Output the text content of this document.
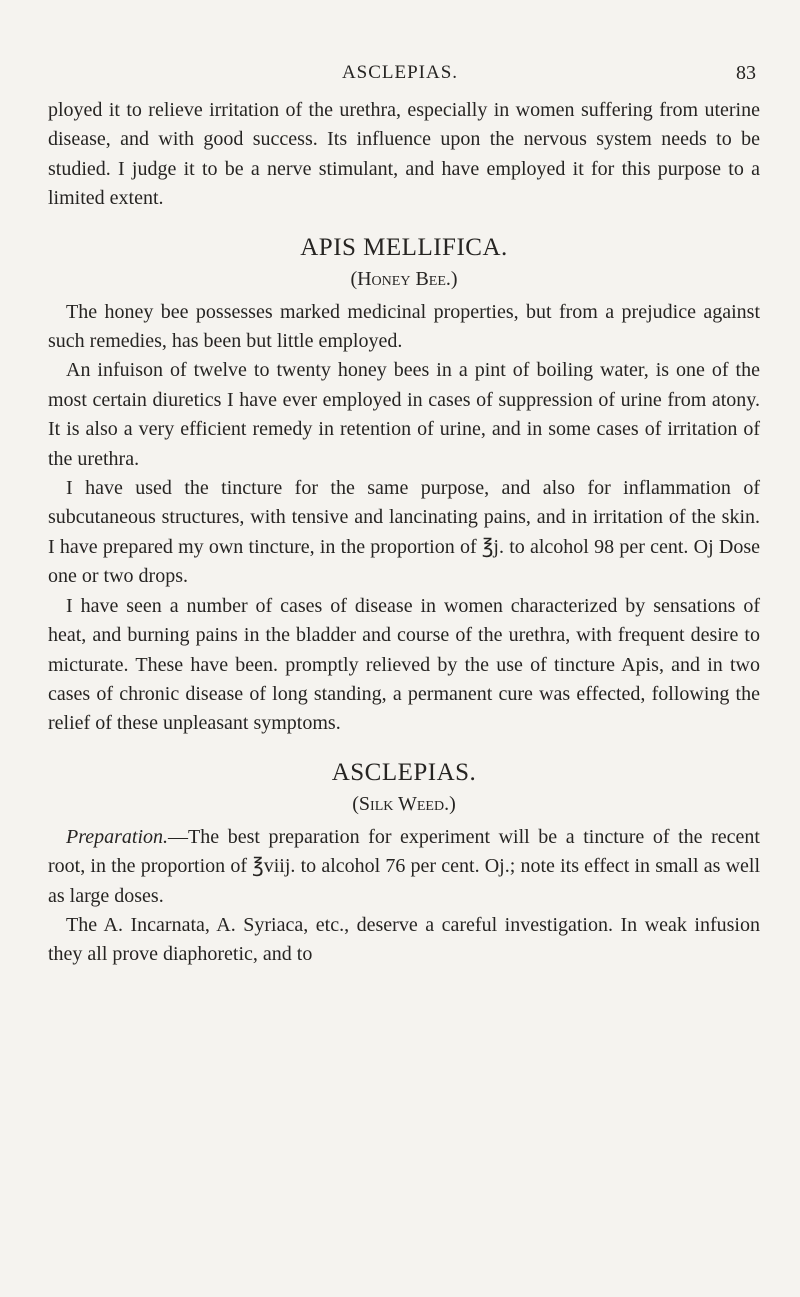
ASCLEPIAS.	83

ployed it to relieve irritation of the urethra, especially in women suffering from uterine disease, and with good success. Its influence upon the nervous system needs to be studied. I judge it to be a nerve stimulant, and have employed it for this purpose to a limited extent.

APIS MELLIFICA.
(Honey Bee.)

The honey bee possesses marked medicinal properties, but from a prejudice against such remedies, has been but little employed.

An infuison of twelve to twenty honey bees in a pint of boiling water, is one of the most certain diuretics I have ever employed in cases of suppression of urine from atony. It is also a very efficient remedy in retention of urine, and in some cases of irritation of the urethra.

I have used the tincture for the same purpose, and also for inflammation of subcutaneous structures, with tensive and lancinating pains, and in irritation of the skin. I have prepared my own tincture, in the proportion of ℥j. to alcohol 98 per cent. Oj Dose one or two drops.

I have seen a number of cases of disease in women characterized by sensations of heat, and burning pains in the bladder and course of the urethra, with frequent desire to micturate. These have been. promptly relieved by the use of tincture Apis, and in two cases of chronic disease of long standing, a permanent cure was effected, following the relief of these unpleasant symptoms.

ASCLEPIAS.
(Silk Weed.)

Preparation.—The best preparation for experiment will be a tincture of the recent root, in the proportion of ℥viij. to alcohol 76 per cent. Oj.; note its effect in small as well as large doses.

The A. Incarnata, A. Syriaca, etc., deserve a careful investigation. In weak infusion they all prove diaphoretic, and to
